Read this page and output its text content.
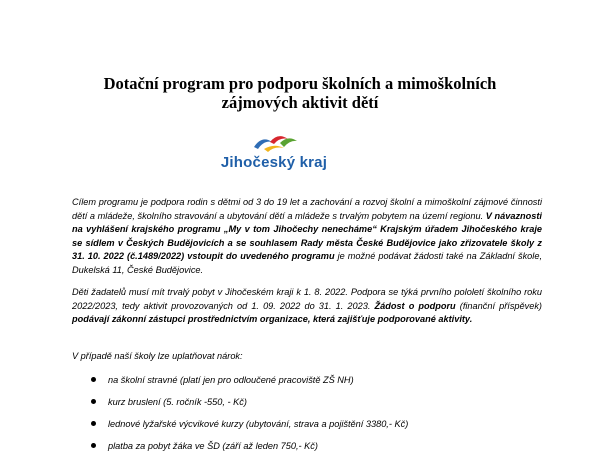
Dotační program pro podporu školních a mimoškolních
zájmových aktivit dětí
Jihočeský kraj

Cílem programu je podpora rodin s dětmi od 3 do 19 let a zachování a rozvoj školní a mimoškolní zájmové činnosti dětí a mládeže, školního stravování a ubytování dětí a mládeže s trvalým pobytem na území regionu. V návaznosti na vyhlášení krajského programu „My v tom Jihočechy nenecháme“ Krajským úřadem Jihočeského kraje se sídlem v Českých Budějovicích a se souhlasem Rady města České Budějovice jako zřizovatele školy z 31. 10. 2022 (č.1489/2022) vstoupit do uvedeného programu je možné podávat žádosti také na Základní škole, Dukelská 11, České Budějovice.

Děti žadatelů musí mít trvalý pobyt v Jihočeském kraji k 1. 8. 2022. Podpora se týká prvního pololetí školního roku 2022/2023, tedy aktivit provozovaných od 1. 09. 2022 do 31. 1. 2023. Žádost o podporu (finanční příspěvek) podávají zákonní zástupci prostřednictvím organizace, která zajišťuje podporované aktivity.

V případě naší školy lze uplatňovat nárok:

na školní stravné (platí jen pro odloučené pracoviště ZŠ NH)
kurz bruslení (5. ročník -550, - Kč)
lednové lyžařské výcvikové kurzy (ubytování, strava a pojištění 3380,- Kč)
platba za pobyt žáka ve ŠD (září až leden 750,- Kč)
